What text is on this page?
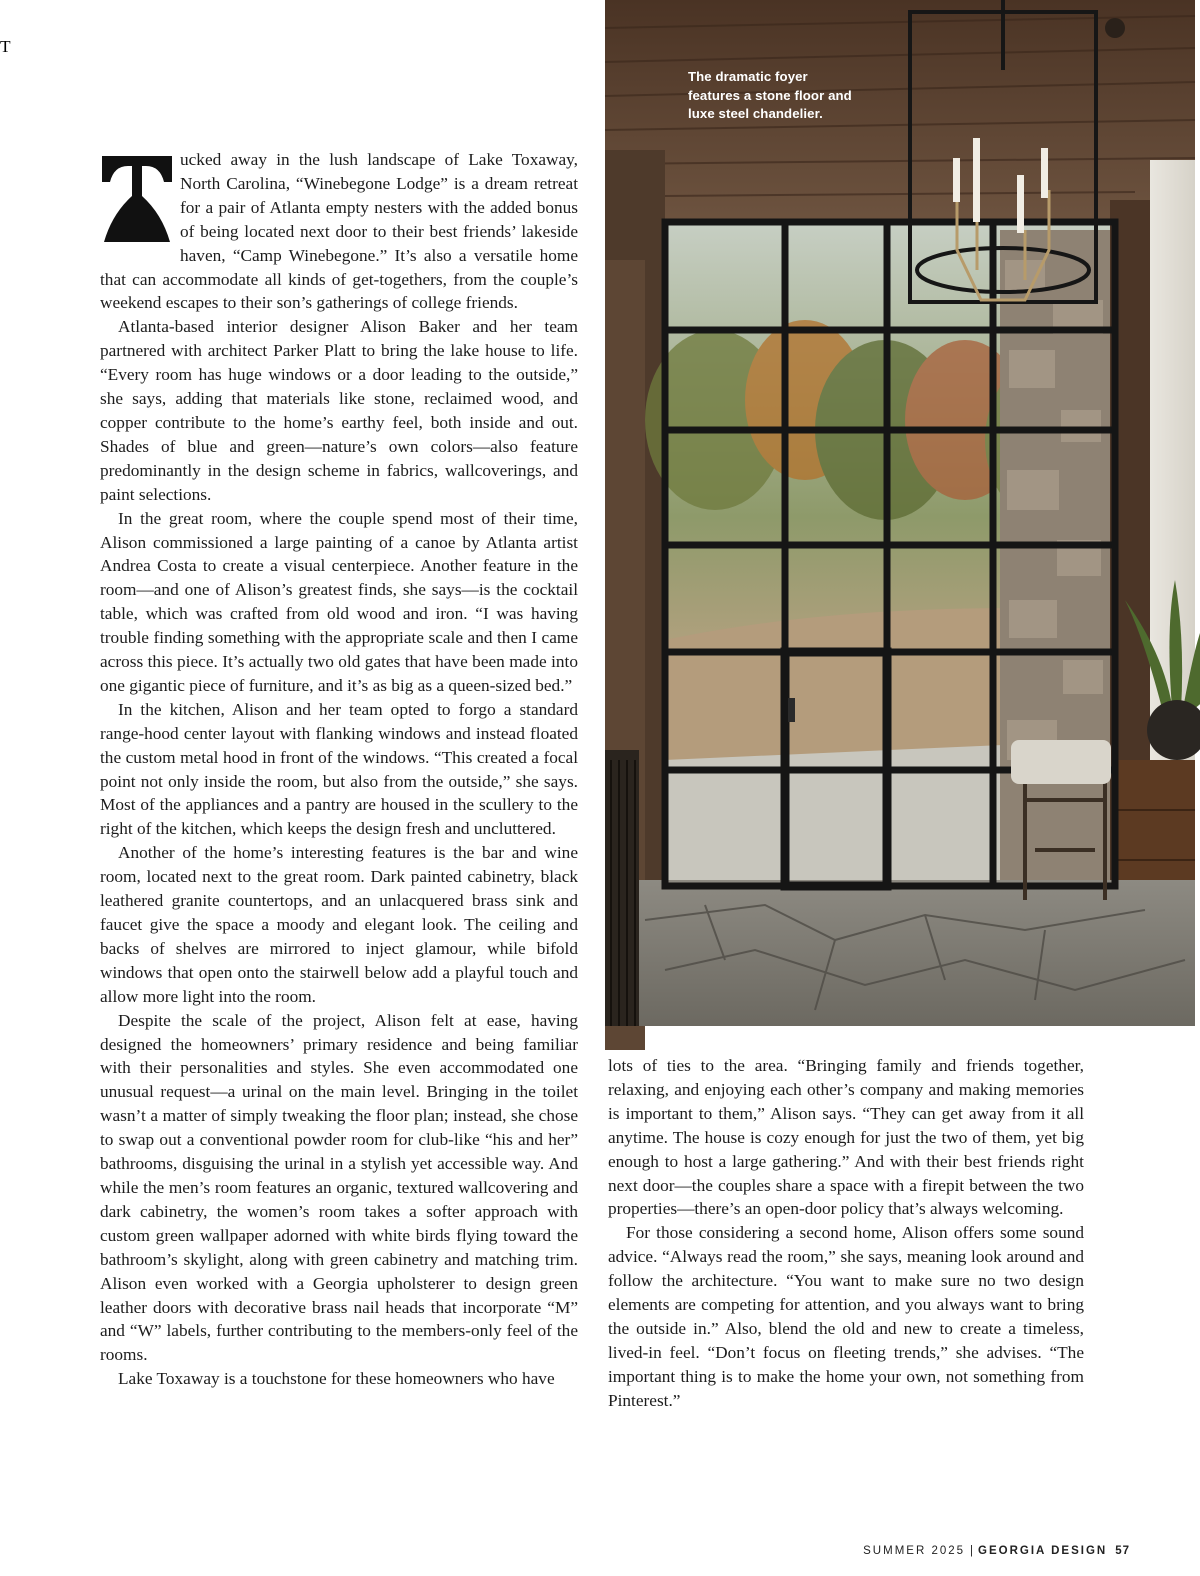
The dramatic foyer
features a stone floor and
luxe steel chandelier.

T
ucked away in the lush landscape of Lake Toxaway, North Carolina, “Winebegone Lodge” is a dream retreat for a pair of Atlanta empty nesters with the added bonus of being located next door to their best friends’ lakeside haven, “Camp Winebegone.” It’s also a versatile home that can accommodate all kinds of get-togethers, from the couple’s weekend escapes to their son’s gatherings of college friends.

Atlanta-based interior designer Alison Baker and her team partnered with architect Parker Platt to bring the lake house to life. “Every room has huge windows or a door leading to the outside,” she says, adding that materials like stone, reclaimed wood, and copper contribute to the home’s earthy feel, both inside and out. Shades of blue and green—nature’s own colors—also feature predominantly in the design scheme in fabrics, wallcoverings, and paint selections.

In the great room, where the couple spend most of their time, Alison commissioned a large painting of a canoe by Atlanta artist Andrea Costa to create a visual centerpiece. Another feature in the room—and one of Alison’s greatest finds, she says—is the cocktail table, which was crafted from old wood and iron. “I was having trouble finding something with the appropriate scale and then I came across this piece. It’s actually two old gates that have been made into one gigantic piece of furniture, and it’s as big as a queen-sized bed.”

In the kitchen, Alison and her team opted to forgo a standard range-hood center layout with flanking windows and instead floated the custom metal hood in front of the windows. “This created a focal point not only inside the room, but also from the outside,” she says. Most of the appliances and a pantry are housed in the scullery to the right of the kitchen, which keeps the design fresh and uncluttered.

Another of the home’s interesting features is the bar and wine room, located next to the great room. Dark painted cabinetry, black leathered granite countertops, and an unlacquered brass sink and faucet give the space a moody and elegant look. The ceiling and backs of shelves are mirrored to inject glamour, while bifold windows that open onto the stairwell below add a playful touch and allow more light into the room.

Despite the scale of the project, Alison felt at ease, having designed the homeowners’ primary residence and being familiar with their personalities and styles. She even accommodated one unusual request—a urinal on the main level. Bringing in the toilet wasn’t a matter of simply tweaking the floor plan; instead, she chose to swap out a conventional powder room for club-like “his and her” bathrooms, disguising the urinal in a stylish yet accessible way. And while the men’s room features an organic, textured wallcovering and dark cabinetry, the women’s room takes a softer approach with custom green wallpaper adorned with white birds flying toward the bathroom’s skylight, along with green cabinetry and matching trim. Alison even worked with a Georgia upholsterer to design green leather doors with decorative brass nail heads that incorporate “M” and “W” labels, further contributing to the members-only feel of the rooms.

Lake Toxaway is a touchstone for these homeowners who have

lots of ties to the area. “Bringing family and friends together, relaxing, and enjoying each other’s company and making memories is important to them,” Alison says. “They can get away from it all anytime. The house is cozy enough for just the two of them, yet big enough to host a large gathering.” And with their best friends right next door—the couples share a space with a firepit between the two properties—there’s an open-door policy that’s always welcoming.

For those considering a second home, Alison offers some sound advice. “Always read the room,” she says, meaning look around and follow the architecture. “You want to make sure no two design elements are competing for attention, and you always want to bring the outside in.” Also, blend the old and new to create a timeless, lived-in feel. “Don’t focus on fleeting trends,” she advises. “The important thing is to make the home your own, not something from Pinterest.”

SUMMER 2025 | GEORGIA DESIGN 57
